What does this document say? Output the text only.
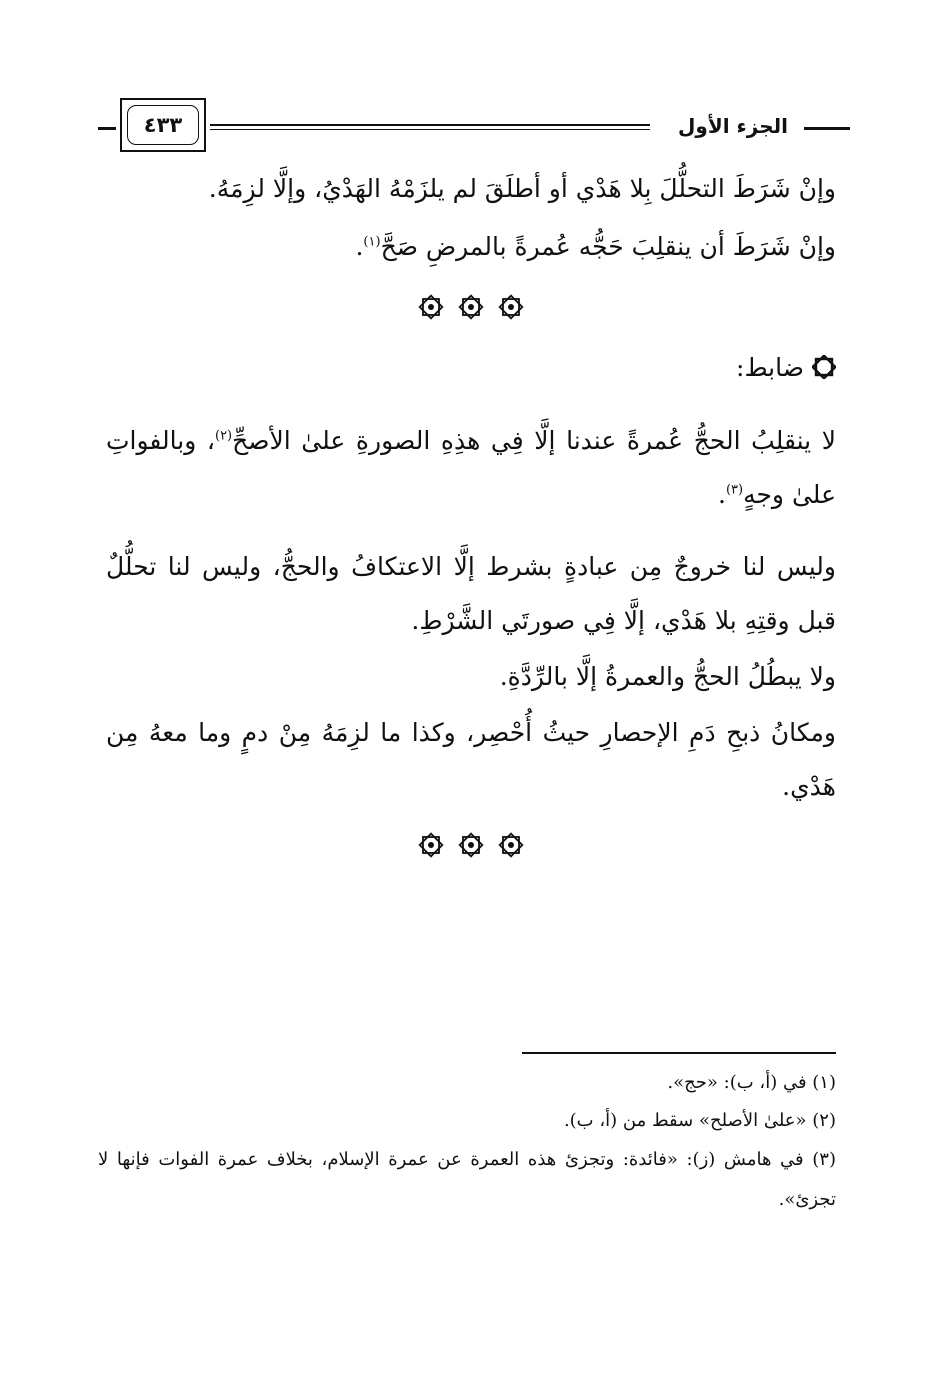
الجزء الأول
٤٣٣

وإنْ شَرَطَ التحلُّلَ بِلا هَدْي أو أطلَقَ لم يلزَمْهُ الهَدْيُ، وإلَّا لزِمَهُ.

وإنْ شَرَطَ أن ينقلِبَ حَجُّه عُمرةً بالمرضِ صَحَّ$^{(١)}$.

ضابط:

لا ينقلِبُ الحجُّ عُمرةً عندنا إلَّا فِي هذِهِ الصورةِ علىٰ الأصحِّ$^{(٢)}$، وبالفواتِ علىٰ وجهٍ$^{(٣)}$.

وليس لنا خروجٌ مِن عبادةٍ بشرط إلَّا الاعتكافُ والحجُّ، وليس لنا تحلُّلٌ قبل وقتِهِ بلا هَدْي، إلَّا فِي صورتَي الشَّرْطِ.

ولا يبطُلُ الحجُّ والعمرةُ إلَّا بالرِّدَّةِ.

ومكانُ ذبحِ دَمِ الإحصارِ حيثُ أُحْصِر، وكذا ما لزِمَهُ مِنْ دمٍ وما معهُ مِن هَدْي.

(١) في (أ، ب): «حج».

(٢) «علىٰ الأصلح» سقط من (أ، ب).

(٣) في هامش (ز): «فائدة: وتجزئ هذه العمرة عن عمرة الإسلام، بخلاف عمرة الفوات فإنها لا تجزئ».
